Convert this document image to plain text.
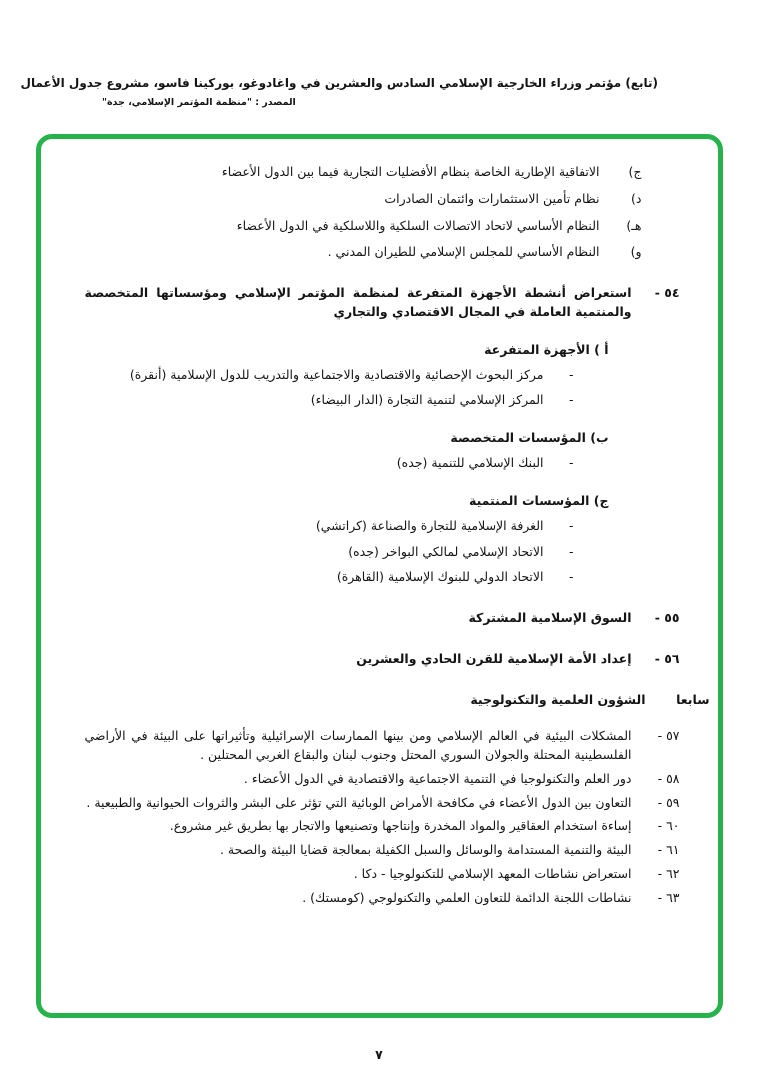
(تابع) مؤتمر وزراء الخارجية الإسلامي السادس والعشرين في واغادوغو، بوركينا فاسو، مشروع جدول الأعمال
المصدر : "منظمة المؤتمر الإسلامي، جدة"
ج)
الاتفاقية الإطارية الخاصة بنظام الأفضليات التجارية فيما بين الدول الأعضاء
د)
نظام تأمين الاستثمارات وائتمان الصادرات
هـ)
النظام الأساسي لاتحاد الاتصالات السلكية واللاسلكية في الدول الأعضاء
و)
النظام الأساسي للمجلس الإسلامي للطيران المدني .
٥٤ -
استعراض أنشطة الأجهزة المتفرعة لمنظمة المؤتمر الإسلامي ومؤسساتها المتخصصة والمنتمية العاملة في المجال الاقتصادي والتجاري
أ ) الأجهزة المتفرعة
-
مركز البحوث الإحصائية والاقتصادية والاجتماعية والتدريب للدول الإسلامية (أنقرة)
-
المركز الإسلامي لتنمية التجارة (الدار البيضاء)
ب) المؤسسات المتخصصة
-
البنك الإسلامي للتنمية (جده)
ج) المؤسسات المنتمية
-
الغرفة الإسلامية للتجارة والصناعة (كراتشي)
-
الاتحاد الإسلامي لمالكي البواخر (جده)
-
الاتحاد الدولي للبنوك الإسلامية (القاهرة)
٥٥ -
السوق الإسلامية المشتركة
٥٦ -
إعداد الأمة الإسلامية للقرن الحادي والعشرين
سابعا
الشؤون العلمية والتكنولوجية
٥٧ -
المشكلات البيئية في العالم الإسلامي ومن بينها الممارسات الإسرائيلية وتأثيراتها على البيئة في الأراضي الفلسطينية المحتلة والجولان السوري المحتل وجنوب لبنان والبقاع الغربي المحتلين .
٥٨ -
دور العلم والتكنولوجيا في التنمية الاجتماعية والاقتصادية في الدول الأعضاء .
٥٩ -
التعاون بين الدول الأعضاء في مكافحة الأمراض الوبائية التي تؤثر على البشر والثروات الحيوانية والطبيعية .
٦٠ -
إساءة استخدام العقاقير والمواد المخدرة وإنتاجها وتصنيعها والاتجار بها بطريق غير مشروع.
٦١ -
البيئة والتنمية المستدامة والوسائل والسبل الكفيلة بمعالجة قضايا البيئة والصحة .
٦٢ -
استعراض نشاطات المعهد الإسلامي للتكنولوجيا - دكا .
٦٣ -
نشاطات اللجنة الدائمة للتعاون العلمي والتكنولوجي (كومستك) .
٧
